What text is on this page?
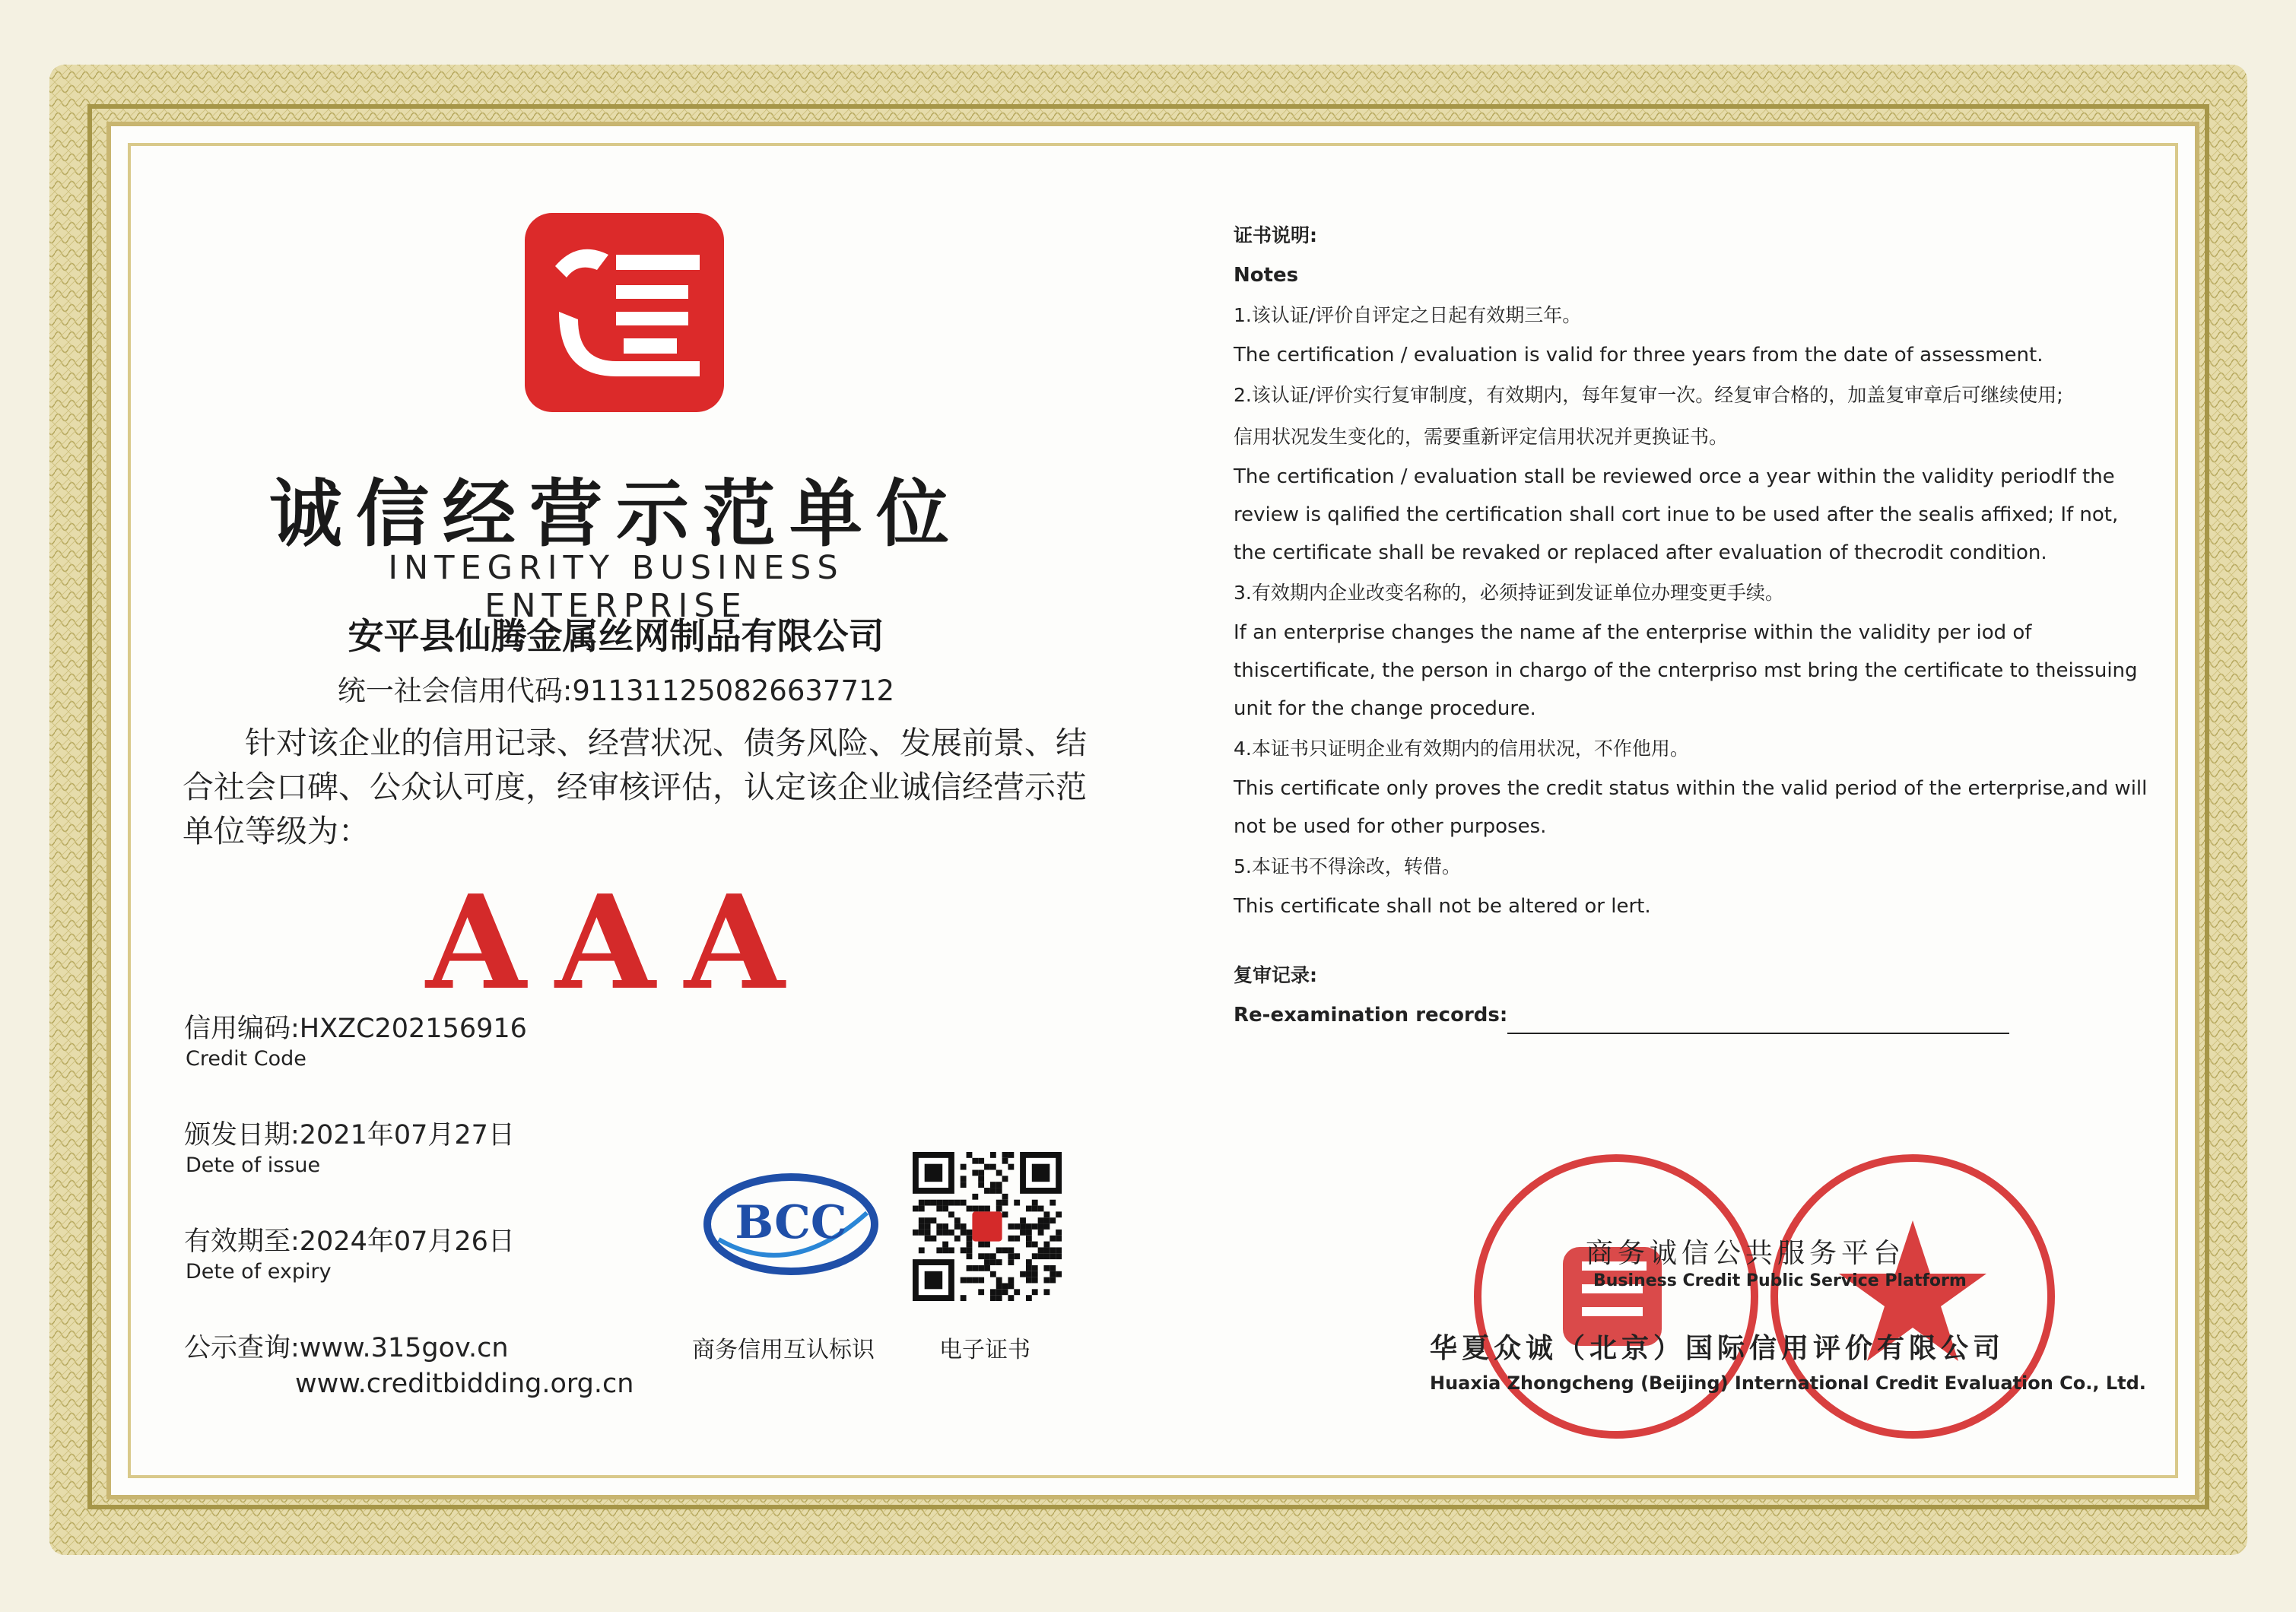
诚信经营示范单位
INTEGRITY BUSINESS ENTERPRISE
安平县仙腾金属丝网制品有限公司
统一社会信用代码:911311250826637712
针对该企业的信用记录、经营状况、债务风险、发展前景、结合社会口碑、公众认可度，经审核评估，认定该企业诚信经营示范单位等级为：
AAA
信用编码:HXZC202156916
Credit Code
颁发日期:2021年07月27日
Dete of issue
有效期至:2024年07月26日
Dete of expiry
公示查询:www.315gov.cn
www.creditbidding.org.cn
BCC
商务信用互认标识	电子证书
证书说明:
Notes
1.该认证/评价自评定之日起有效期三年。
The certification / evaluation is valid for three years from the date of assessment.
2.该认证/评价实行复审制度，有效期内，每年复审一次。经复审合格的，加盖复审章后可继续使用;
信用状况发生变化的，需要重新评定信用状况并更换证书。
The certification / evaluation stall be reviewed orce a year within the validity periodIf the
review is qalified the certification shall cort inue to be used after the sealis affixed; If not,
the certificate shall be revaked or replaced after evaluation of thecrodit condition.
3.有效期内企业改变名称的，必须持证到发证单位办理变更手续。
If an enterprise changes the name af the enterprise within the validity per iod of
thiscertificate, the person in chargo of the cnterpriso mst bring the certificate to theissuing
unit for the change procedure.
4.本证书只证明企业有效期内的信用状况，不作他用。
This certificate only proves the credit status within the valid period of the erterprise,and will
not be used for other purposes.
5.本证书不得涂改，转借。
This certificate shall not be altered or lert.
复审记录:
Re-examination records:
商务诚信公共服务平台
Business Credit Public Service Platform
华夏众诚（北京）国际信用评价有限公司
Huaxia Zhongcheng (Beijing) International Credit Evaluation Co., Ltd.
